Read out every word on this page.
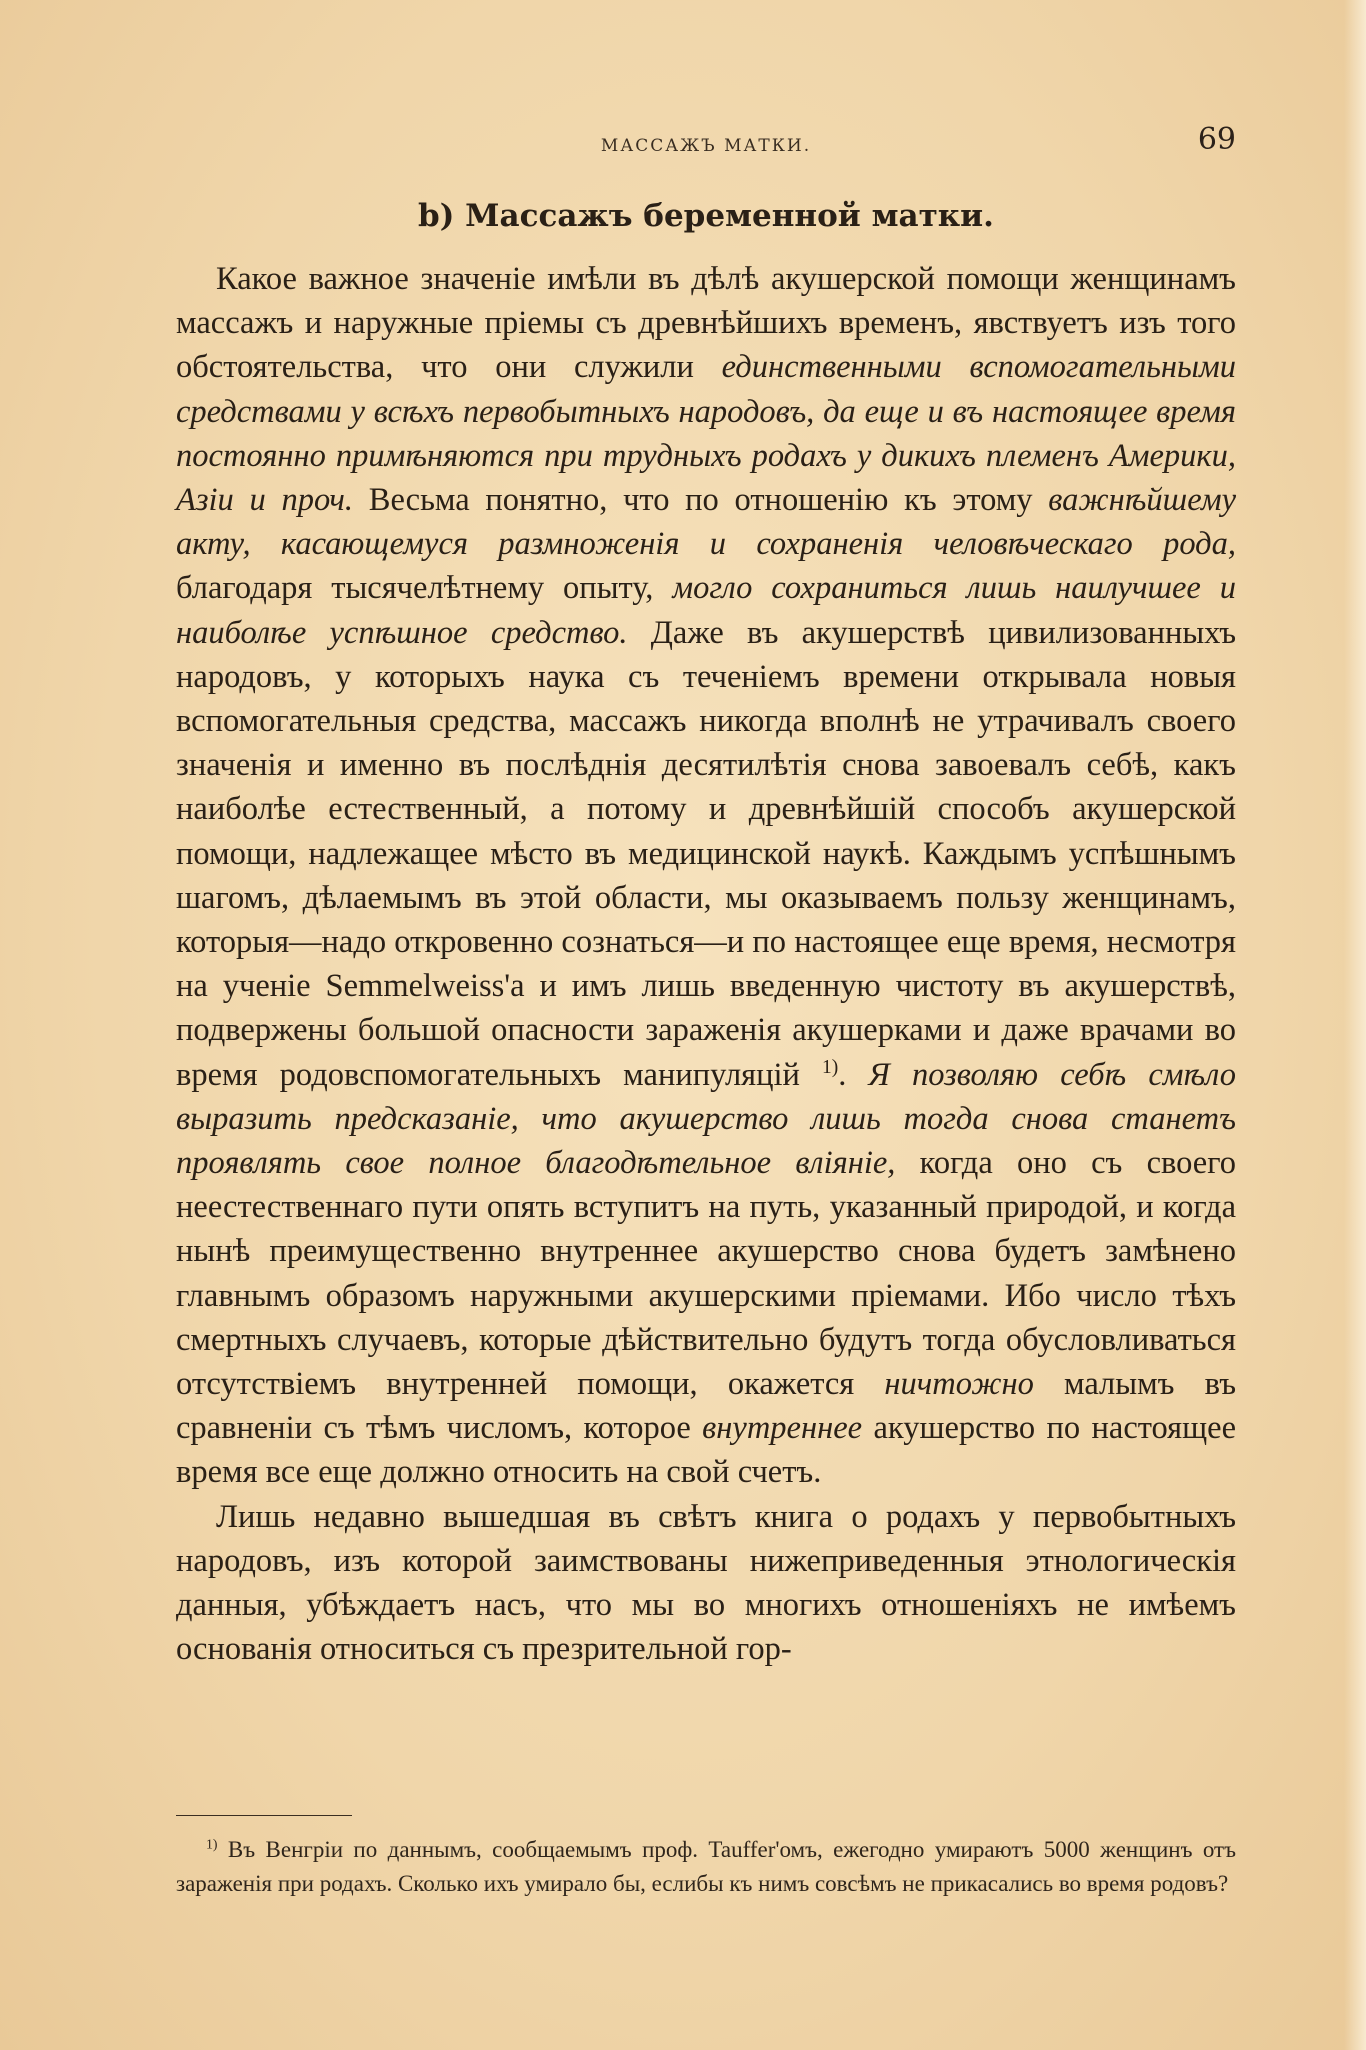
МАССАЖЪ МАТКИ.	69
b) Массажъ беременной матки.

Какое важное значенiе имѣли въ дѣлѣ акушерской помощи женщинамъ массажъ и наружные прiемы съ древнѣйшихъ временъ, явствуетъ изъ того обстоятельства, что они служили единственными вспомогательными средствами у всѣхъ первобытныхъ народовъ, да еще и въ настоящее время постоянно примѣняются при трудныхъ родахъ у дикихъ племенъ Америки, Азiи и проч. Весьма понятно, что по отношенiю къ этому важнѣйшему акту, касающемуся размноженiя и сохраненiя человѣческаго рода, благодаря тысячелѣтнему опыту, могло сохраниться лишь наилучшее и наиболѣе успѣшное средство. Даже въ акушерствѣ цивилизованныхъ народовъ, у которыхъ наука съ теченiемъ времени открывала новыя вспомогательныя средства, массажъ никогда вполнѣ не утрачивалъ своего значенiя и именно въ послѣднiя десятилѣтiя снова завоевалъ себѣ, какъ наиболѣе естественный, а потому и древнѣйшiй способъ акушерской помощи, надлежащее мѣсто въ медицинской наукѣ. Каждымъ успѣшнымъ шагомъ, дѣлаемымъ въ этой области, мы оказываемъ пользу женщинамъ, которыя—надо откровенно сознаться—и по настоящее еще время, несмотря на ученiе Semmelweiss'a и имъ лишь введенную чистоту въ акушерствѣ, подвержены большой опасности зараженiя акушерками и даже врачами во время родовспомогательныхъ манипуляцiй $^{1)}$. Я позволяю себѣ смѣло выразить предсказанiе, что акушерство лишь тогда снова станетъ проявлять свое полное благодѣтельное влiянiе, когда оно съ своего неестественнаго пути опять вступитъ на путь, указанный природой, и когда нынѣ преимущественно внутреннее акушерство снова будетъ замѣнено главнымъ образомъ наружными акушерскими прiемами. Ибо число тѣхъ смертныхъ случаевъ, которые дѣйствительно будутъ тогда обусловливаться отсутствiемъ внутренней помощи, окажется ничтожно малымъ въ сравненiи съ тѣмъ числомъ, которое внутреннее акушерство по настоящее время все еще должно относить на свой счетъ.

Лишь недавно вышедшая въ свѣтъ книга о родахъ у первобытныхъ народовъ, изъ которой заимствованы нижеприведенныя этнологическiя данныя, убѣждаетъ насъ, что мы во многихъ отношенiяхъ не имѣемъ основанiя относиться съ презрительной гор-

$^{1)}$ Въ Венгрiи по даннымъ, сообщаемымъ проф. Tauffer'омъ, ежегодно умираютъ 5000 женщинъ отъ зараженiя при родахъ. Сколько ихъ умирало бы, еслибы къ нимъ совсѣмъ не прикасались во время родовъ?
